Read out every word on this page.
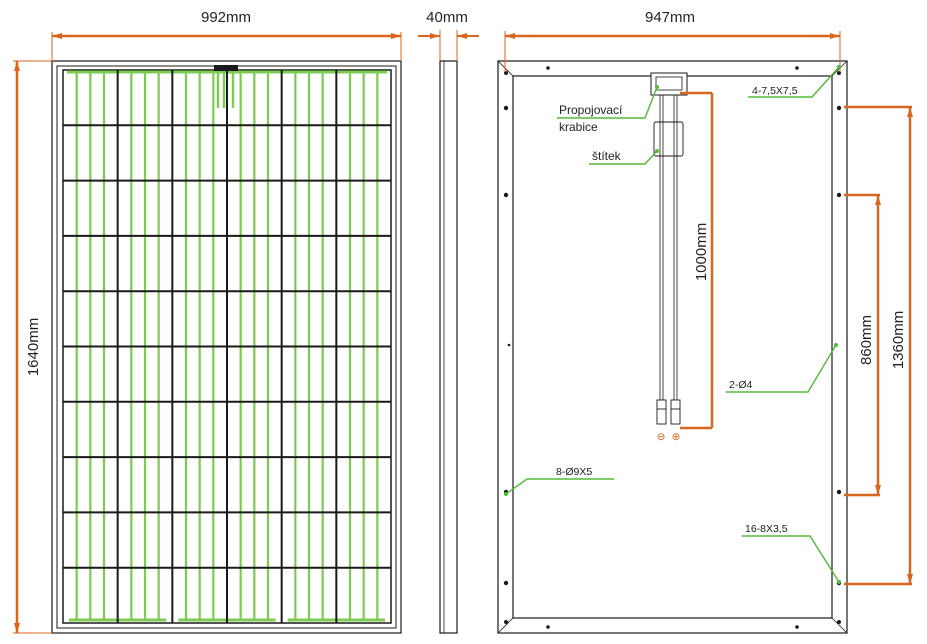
992mm
1640mm
40mm
⊖ ⊕
947mm
1000mm
860mm 1360mm
Propojovací
krabice
štítek
4-7,5X7,5
2-Ø4
8-Ø9X5
16-8X3,5
